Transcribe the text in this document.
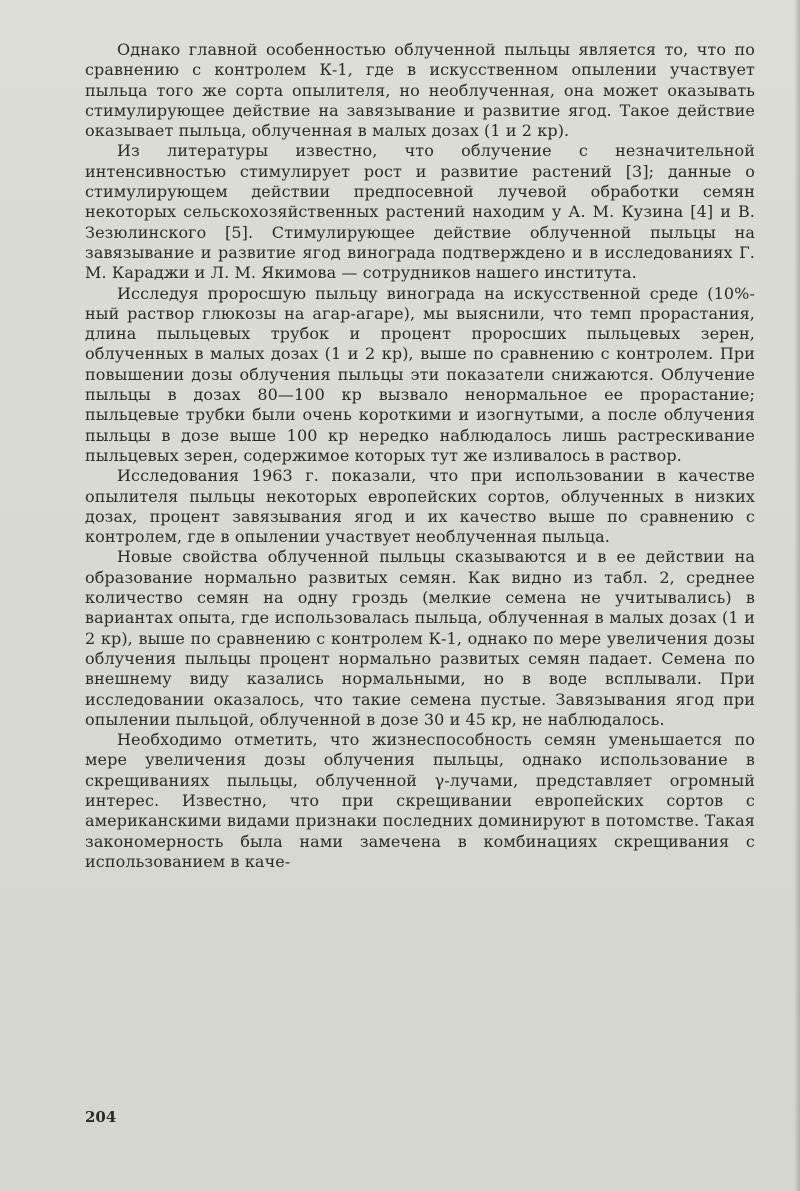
Однако главной особенностью облученной пыльцы является то, что по сравнению с контролем К-1, где в искусственном опылении участвует пыльца того же сорта опылителя, но необлученная, она может оказывать стимулирующее действие на завязывание и развитие ягод. Такое действие оказывает пыльца, облученная в малых дозах (1 и 2 кр).

Из литературы известно, что облучение с незначительной интенсивностью стимулирует рост и развитие растений [3]; данные о стимулирующем действии предпосевной лучевой обработки семян некоторых сельскохозяйственных растений находим у А. М. Кузина [4] и В. Зезюлинского [5]. Стимулирующее действие облученной пыльцы на завязывание и развитие ягод винограда подтверждено и в исследованиях Г. М. Караджи и Л. М. Якимова — сотрудников нашего института.

Исследуя проросшую пыльцу винограда на искусственной среде (10%-ный раствор глюкозы на агар-агаре), мы выяснили, что темп прорастания, длина пыльцевых трубок и процент проросших пыльцевых зерен, облученных в малых дозах (1 и 2 кр), выше по сравнению с контролем. При повышении дозы облучения пыльцы эти показатели снижаются. Облучение пыльцы в дозах 80—100 кр вызвало ненормальное ее прорастание; пыльцевые трубки были очень короткими и изогнутыми, а после облучения пыльцы в дозе выше 100 кр нередко наблюдалось лишь растрескивание пыльцевых зерен, содержимое которых тут же изливалось в раствор.

Исследования 1963 г. показали, что при использовании в качестве опылителя пыльцы некоторых европейских сортов, облученных в низких дозах, процент завязывания ягод и их качество выше по сравнению с контролем, где в опылении участвует необлученная пыльца.

Новые свойства облученной пыльцы сказываются и в ее действии на образование нормально развитых семян. Как видно из табл. 2, среднее количество семян на одну гроздь (мелкие семена не учитывались) в вариантах опыта, где использовалась пыльца, облученная в малых дозах (1 и 2 кр), выше по сравнению с контролем К-1, однако по мере увеличения дозы облучения пыльцы процент нормально развитых семян падает. Семена по внешнему виду казались нормальными, но в воде всплывали. При исследовании оказалось, что такие семена пустые. Завязывания ягод при опылении пыльцой, облученной в дозе 30 и 45 кр, не наблюдалось.

Необходимо отметить, что жизнеспособность семян уменьшается по мере увеличения дозы облучения пыльцы, однако использование в скрещиваниях пыльцы, облученной γ-лучами, представляет огромный интерес. Известно, что при скрещивании европейских сортов с американскими видами признаки последних доминируют в потомстве. Такая закономерность была нами замечена в комбинациях скрещивания с использованием в каче-

204
